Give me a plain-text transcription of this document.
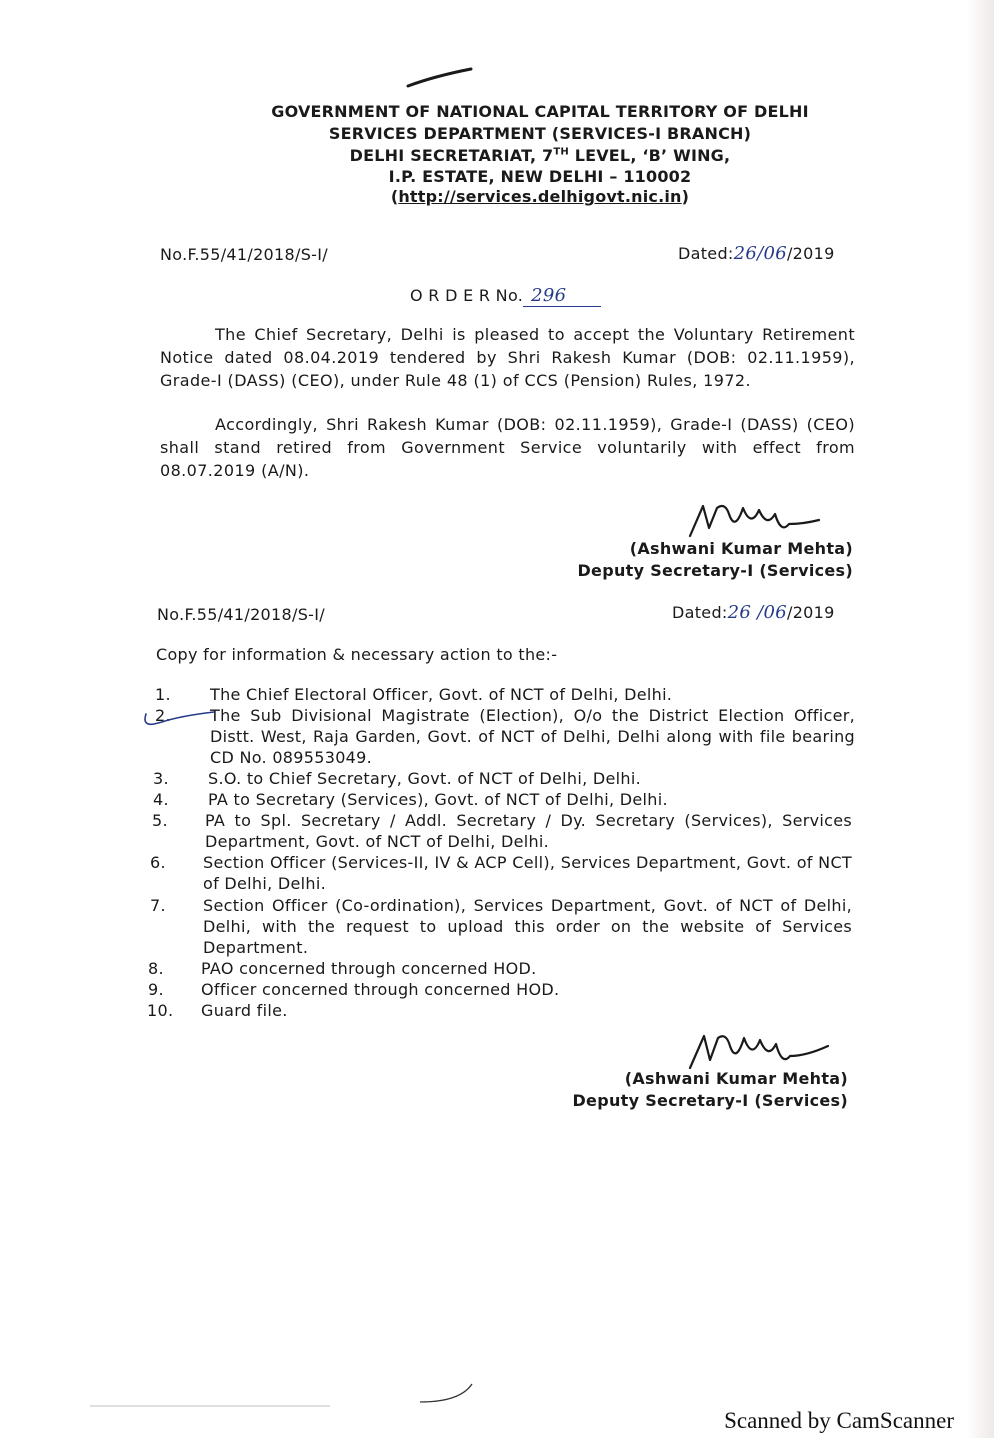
GOVERNMENT OF NATIONAL CAPITAL TERRITORY OF DELHI
SERVICES DEPARTMENT (SERVICES-I BRANCH)
DELHI SECRETARIAT, 7TH LEVEL, ‘B’ WING,
I.P. ESTATE, NEW DELHI – 110002
(http://services.delhigovt.nic.in)
No.F.55/41/2018/S-I/	Dated:26/06/2019
O R D E R No. 296
The Chief Secretary, Delhi is pleased to accept the Voluntary Retirement Notice dated 08.04.2019 tendered by Shri Rakesh Kumar (DOB: 02.11.1959), Grade-I (DASS) (CEO), under Rule 48 (1) of CCS (Pension) Rules, 1972.
Accordingly, Shri Rakesh Kumar (DOB: 02.11.1959), Grade-I (DASS) (CEO) shall stand retired from Government Service voluntarily with effect from 08.07.2019 (A/N).
(Ashwani Kumar Mehta)
Deputy Secretary-I (Services)
No.F.55/41/2018/S-I/	Dated:26 /06/2019
Copy for information & necessary action to the:-
1. The Chief Electoral Officer, Govt. of NCT of Delhi, Delhi.
2. The Sub Divisional Magistrate (Election), O/o the District Election Officer, Distt. West, Raja Garden, Govt. of NCT of Delhi, Delhi along with file bearing CD No. 089553049.
3. S.O. to Chief Secretary, Govt. of NCT of Delhi, Delhi.
4. PA to Secretary (Services), Govt. of NCT of Delhi, Delhi.
5. PA to Spl. Secretary / Addl. Secretary / Dy. Secretary (Services), Services Department, Govt. of NCT of Delhi, Delhi.
6. Section Officer (Services-II, IV & ACP Cell), Services Department, Govt. of NCT of Delhi, Delhi.
7. Section Officer (Co-ordination), Services Department, Govt. of NCT of Delhi, Delhi, with the request to upload this order on the website of Services Department.
8. PAO concerned through concerned HOD.
9. Officer concerned through concerned HOD.
10. Guard file.
(Ashwani Kumar Mehta)
Deputy Secretary-I (Services)
Scanned by CamScanner
